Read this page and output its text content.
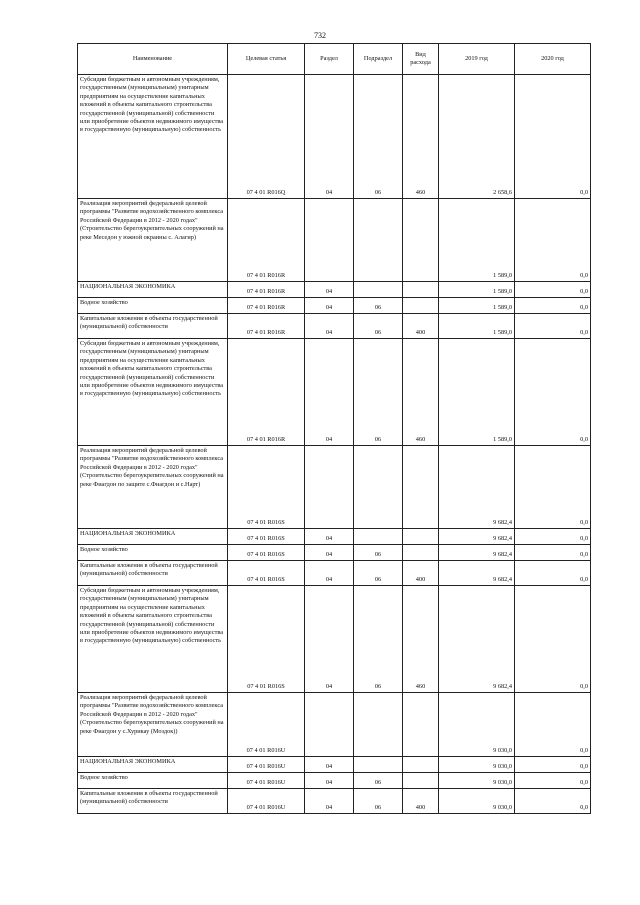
732
Наименование	Целевая статья	Раздел	Подраздел	Вид расхода	2019 год	2020 год
Субсидии бюджетным и автономным учреждениям, государственным (муниципальным) унитарным предприятиям на осуществление капитальных вложений в объекты капитального строительства государственной (муниципальной) собственности или приобретение объектов недвижимого имущества в государственную (муниципальную) собственность	07 4 01 R016Q	04	06	460	2 658,6	0,0
Реализация мероприятий федеральной целевой программы "Развитие водохозяйственного комплекса Российской Федерации в 2012 - 2020 годах" (Строительство берегоукрепительных сооружений на реке Меседон у южной окраины с. Алагир)	07 4 01 R016R				1 589,0	0,0
НАЦИОНАЛЬНАЯ ЭКОНОМИКА	07 4 01 R016R	04			1 589,0	0,0
Водное хозяйство	07 4 01 R016R	04	06		1 589,0	0,0
Капитальные вложения в объекты государственной (муниципальной) собственности	07 4 01 R016R	04	06	400	1 589,0	0,0
Субсидии бюджетным и автономным учреждениям, государственным (муниципальным) унитарным предприятиям на осуществление капитальных вложений в объекты капитального строительства государственной (муниципальной) собственности или приобретение объектов недвижимого имущества в государственную (муниципальную) собственность	07 4 01 R016R	04	06	460	1 589,0	0,0
Реализация мероприятий федеральной целевой программы "Развитие водохозяйственного комплекса Российской Федерации в 2012 - 2020 годах" (Строительство берегоукрепительных сооружений на реке Фиагдон по защите с.Фиагдон и с.Нарт)	07 4 01 R016S				9 682,4	0,0
НАЦИОНАЛЬНАЯ ЭКОНОМИКА	07 4 01 R016S	04			9 682,4	0,0
Водное хозяйство	07 4 01 R016S	04	06		9 682,4	0,0
Капитальные вложения в объекты государственной (муниципальной) собственности	07 4 01 R016S	04	06	400	9 682,4	0,0
Субсидии бюджетным и автономным учреждениям, государственным (муниципальным) унитарным предприятиям на осуществление капитальных вложений в объекты капитального строительства государственной (муниципальной) собственности или приобретение объектов недвижимого имущества в государственную (муниципальную) собственность	07 4 01 R016S	04	06	460	9 682,4	0,0
Реализация мероприятий федеральной целевой программы "Развитие водохозяйственного комплекса Российской Федерации в 2012 - 2020 годах" (Строительство берегоукрепительных сооружений на реке Фиагдон у с.Хурикау (Моздок))	07 4 01 R016U				9 030,0	0,0
НАЦИОНАЛЬНАЯ ЭКОНОМИКА	07 4 01 R016U	04			9 030,0	0,0
Водное хозяйство	07 4 01 R016U	04	06		9 030,0	0,0
Капитальные вложения в объекты государственной (муниципальной) собственности	07 4 01 R016U	04	06	400	9 030,0	0,0
